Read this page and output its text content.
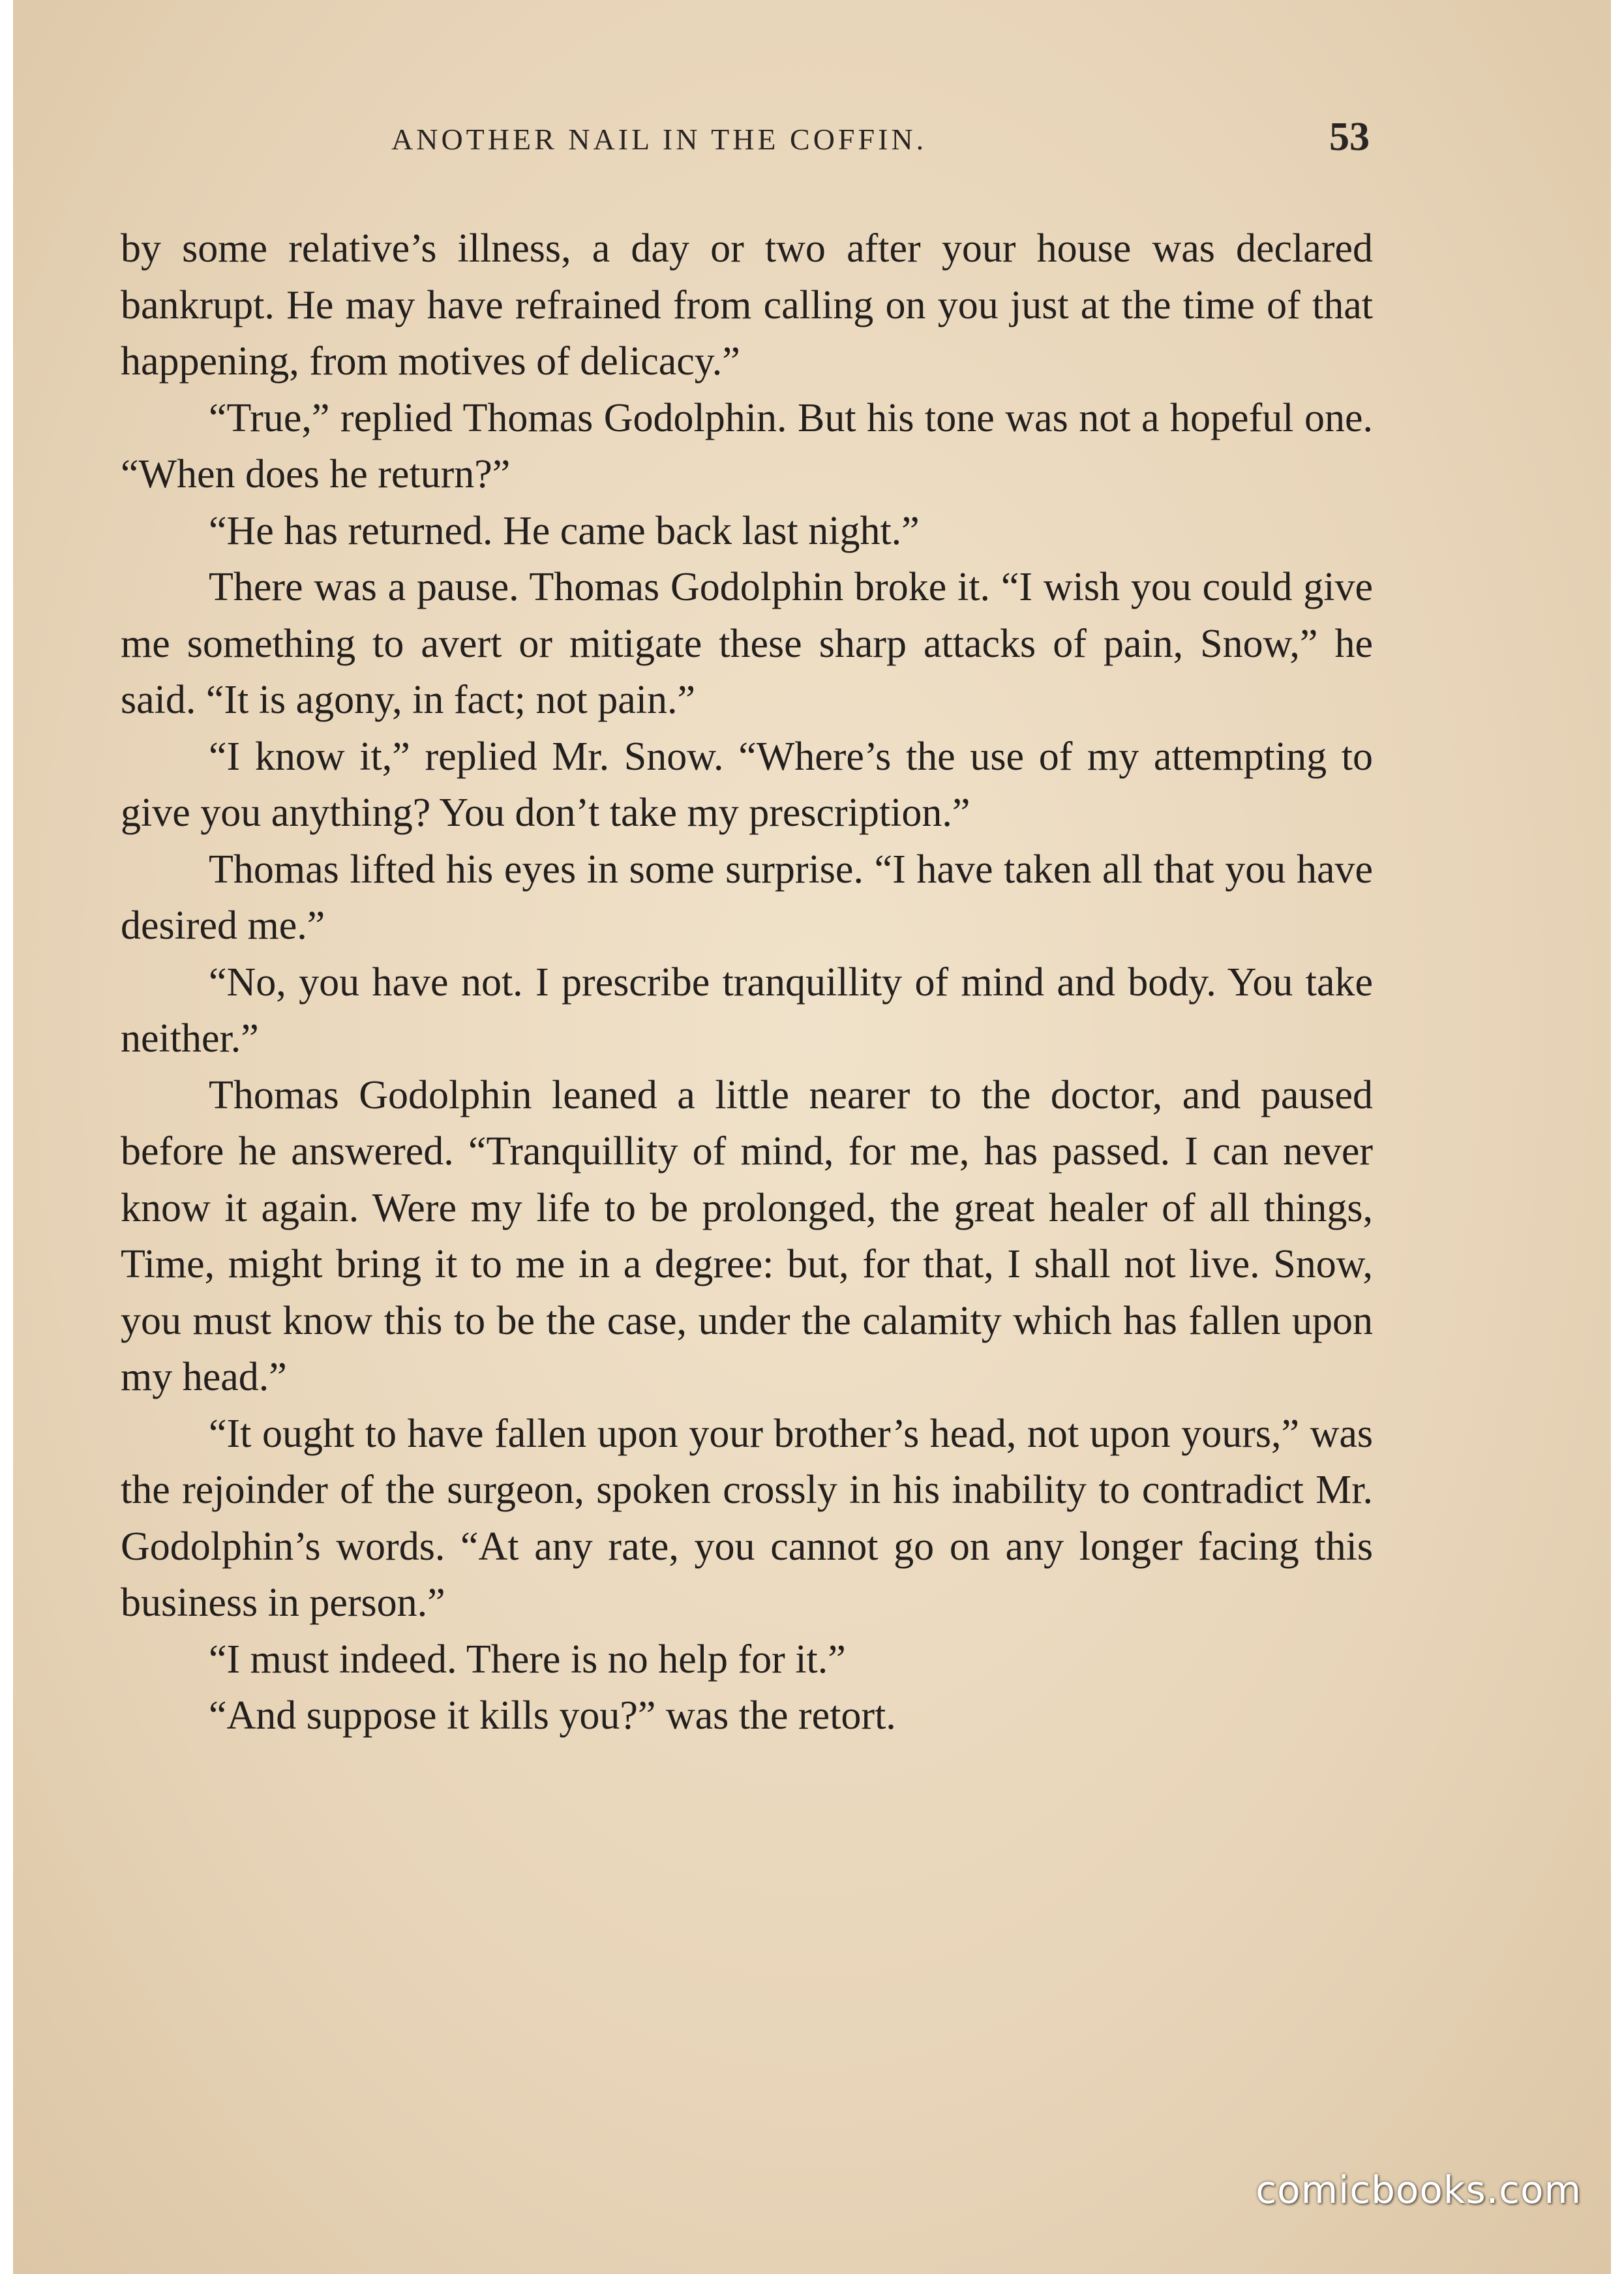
ANOTHER NAIL IN THE COFFIN.	53

by some relative’s illness, a day or two after your house was declared bankrupt. He may have refrained from calling on you just at the time of that happening, from motives of delicacy.”

“True,” replied Thomas Godolphin. But his tone was not a hopeful one. “When does he return?”

“He has returned. He came back last night.”

There was a pause. Thomas Godolphin broke it. “I wish you could give me something to avert or mitigate these sharp attacks of pain, Snow,” he said. “It is agony, in fact; not pain.”

“I know it,” replied Mr. Snow. “Where’s the use of my attempting to give you anything? You don’t take my prescription.”

Thomas lifted his eyes in some surprise. “I have taken all that you have desired me.”

“No, you have not. I prescribe tranquillity of mind and body. You take neither.”

Thomas Godolphin leaned a little nearer to the doctor, and paused before he answered. “Tranquillity of mind, for me, has passed. I can never know it again. Were my life to be prolonged, the great healer of all things, Time, might bring it to me in a degree: but, for that, I shall not live. Snow, you must know this to be the case, under the calamity which has fallen upon my head.”

“It ought to have fallen upon your brother’s head, not upon yours,” was the rejoinder of the surgeon, spoken crossly in his inability to contradict Mr. Godolphin’s words. “At any rate, you cannot go on any longer facing this business in person.”

“I must indeed. There is no help for it.”

“And suppose it kills you?” was the retort.

comicbooks.com
